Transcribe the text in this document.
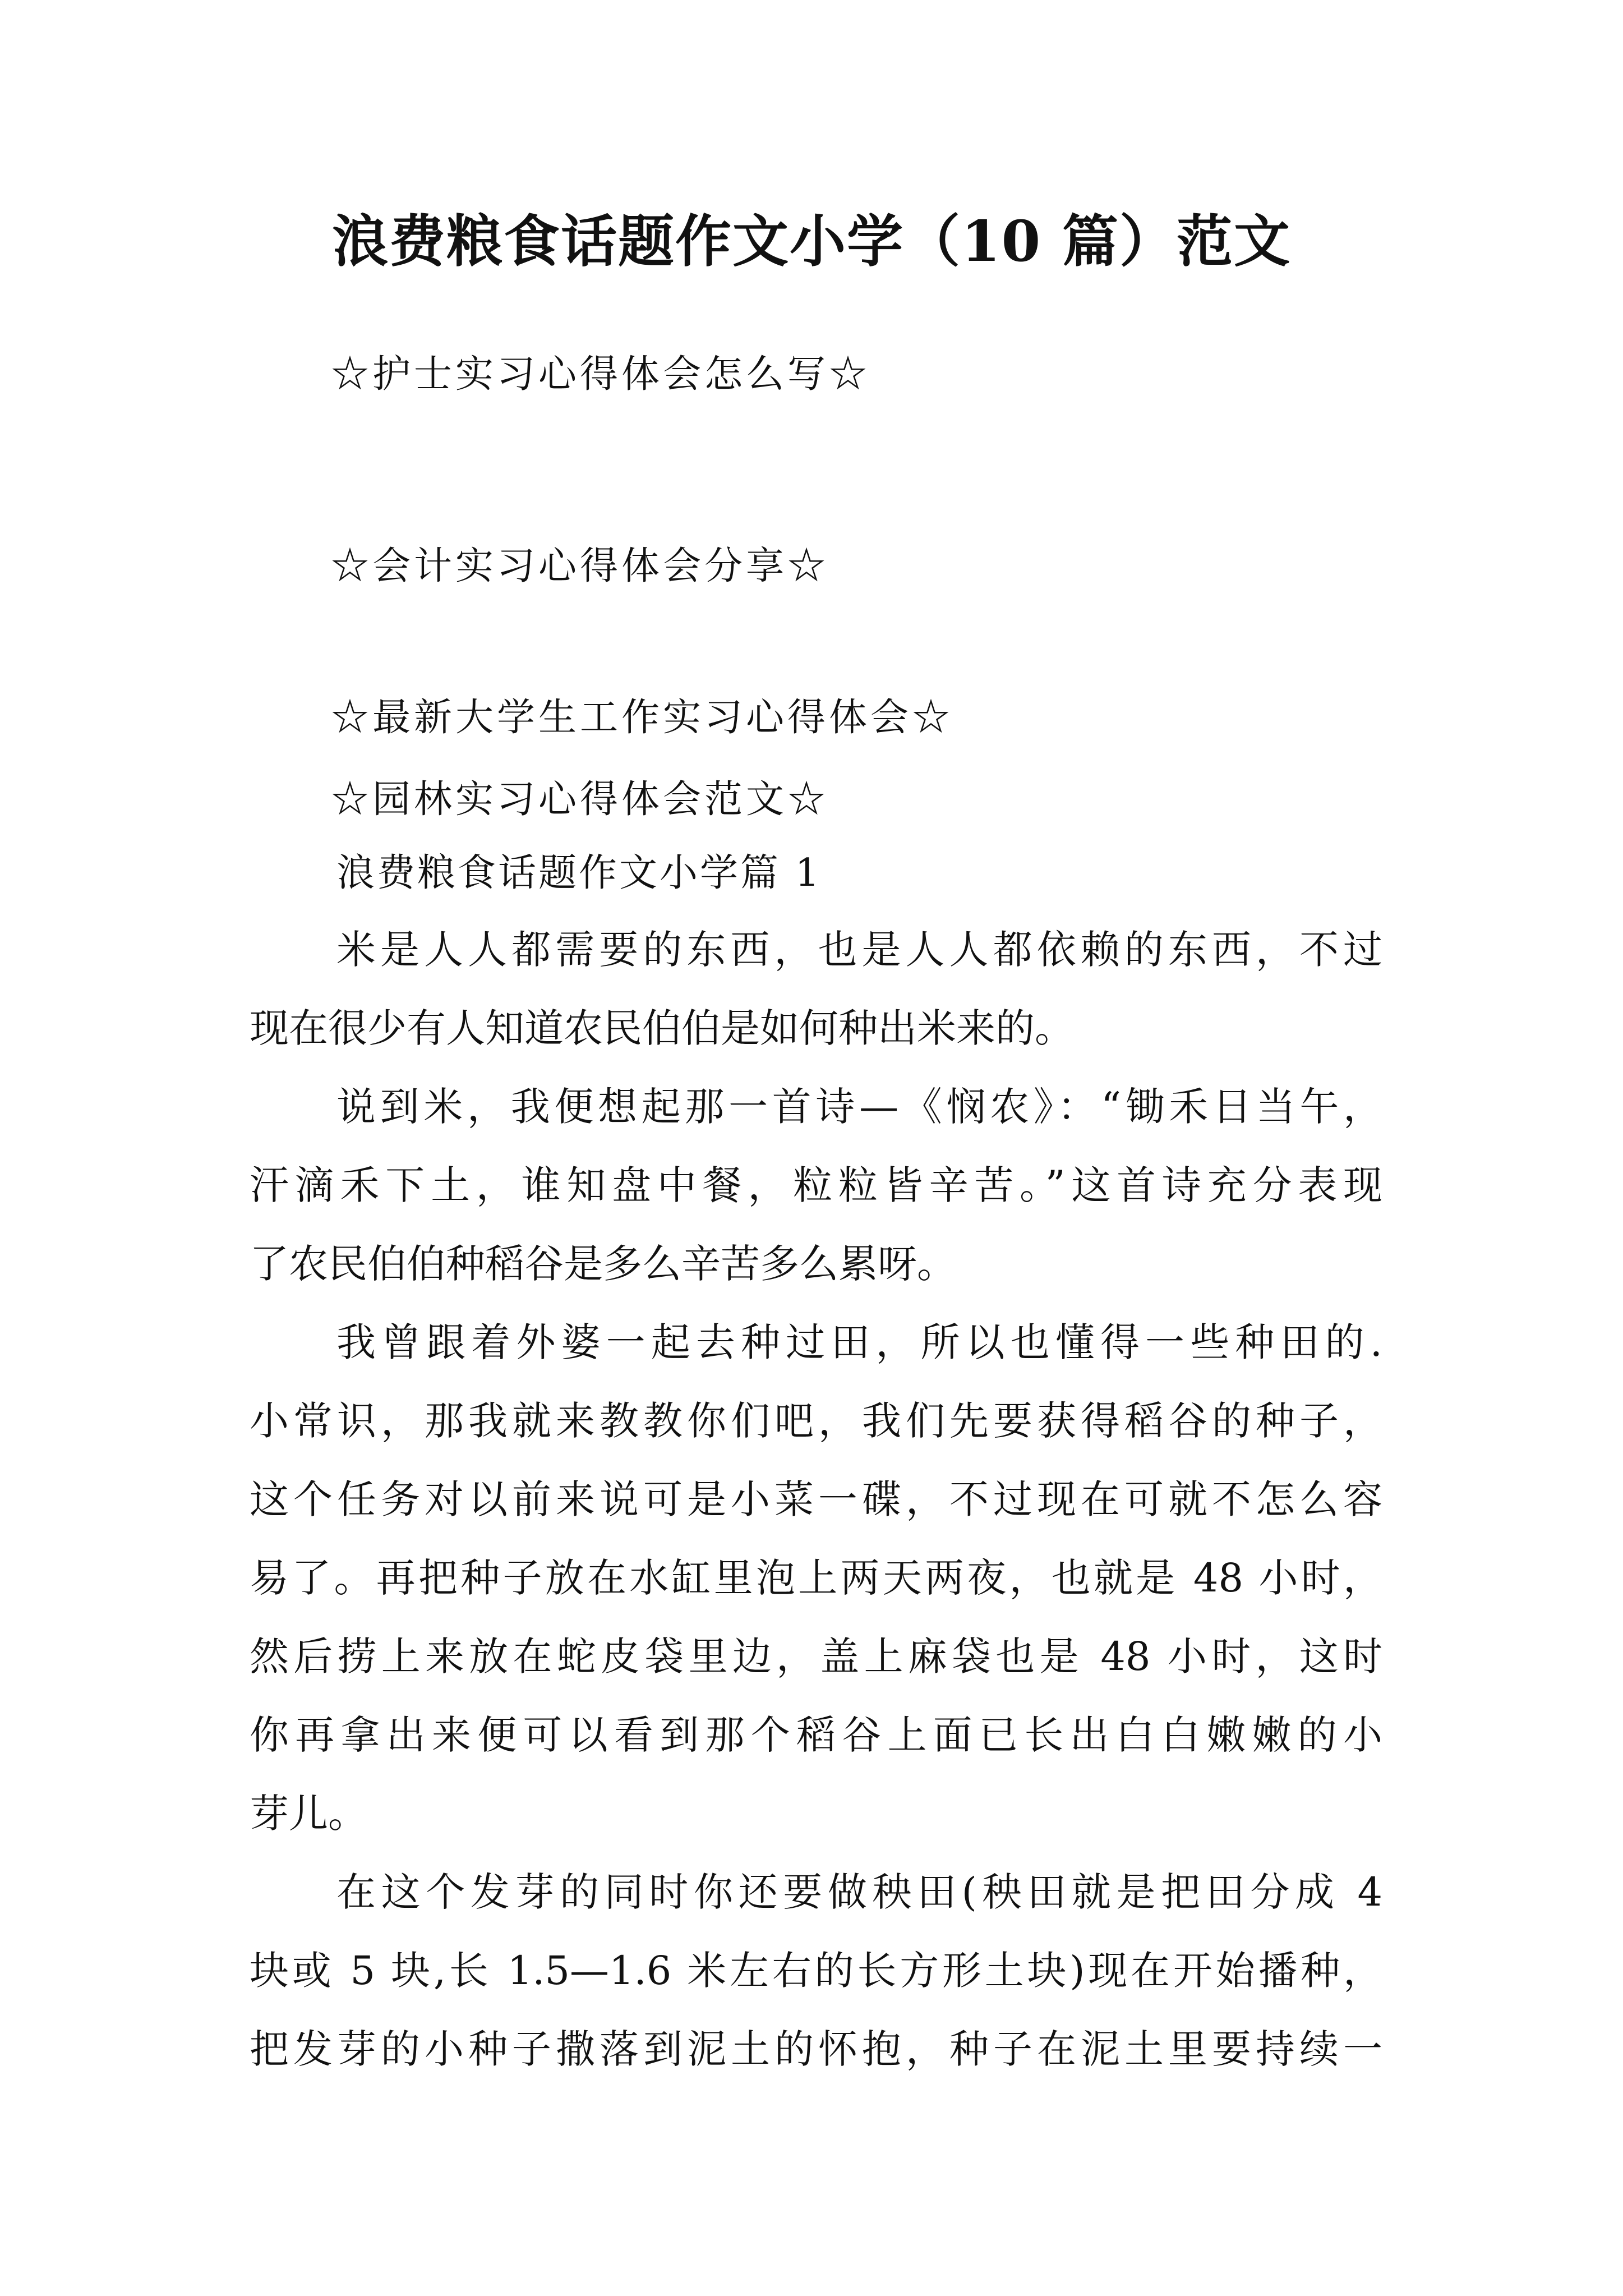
浪费粮食话题作文小学（10 篇）范文
☆护士实习心得体会怎么写☆
☆会计实习心得体会分享☆
☆最新大学生工作实习心得体会☆
☆园林实习心得体会范文☆
浪费粮食话题作文小学篇 1
米是人人都需要的东西，也是人人都依赖的东西，不过
现在很少有人知道农民伯伯是如何种出米来的。
说到米，我便想起那一首诗—《悯农》：“锄禾日当午，
汗滴禾下土，谁知盘中餐，粒粒皆辛苦。”这首诗充分表现
了农民伯伯种稻谷是多么辛苦多么累呀。
我曾跟着外婆一起去种过田，所以也懂得一些种田的.
小常识，那我就来教教你们吧，我们先要获得稻谷的种子，
这个任务对以前来说可是小菜一碟，不过现在可就不怎么容
易了。再把种子放在水缸里泡上两天两夜，也就是 48 小时，
然后捞上来放在蛇皮袋里边，盖上麻袋也是 48 小时，这时
你再拿出来便可以看到那个稻谷上面已长出白白嫩嫩的小
芽儿。
在这个发芽的同时你还要做秧田(秧田就是把田分成 4
块或 5 块,长 1.5—1.6 米左右的长方形土块)现在开始播种，
把发芽的小种子撒落到泥土的怀抱，种子在泥土里要持续一
